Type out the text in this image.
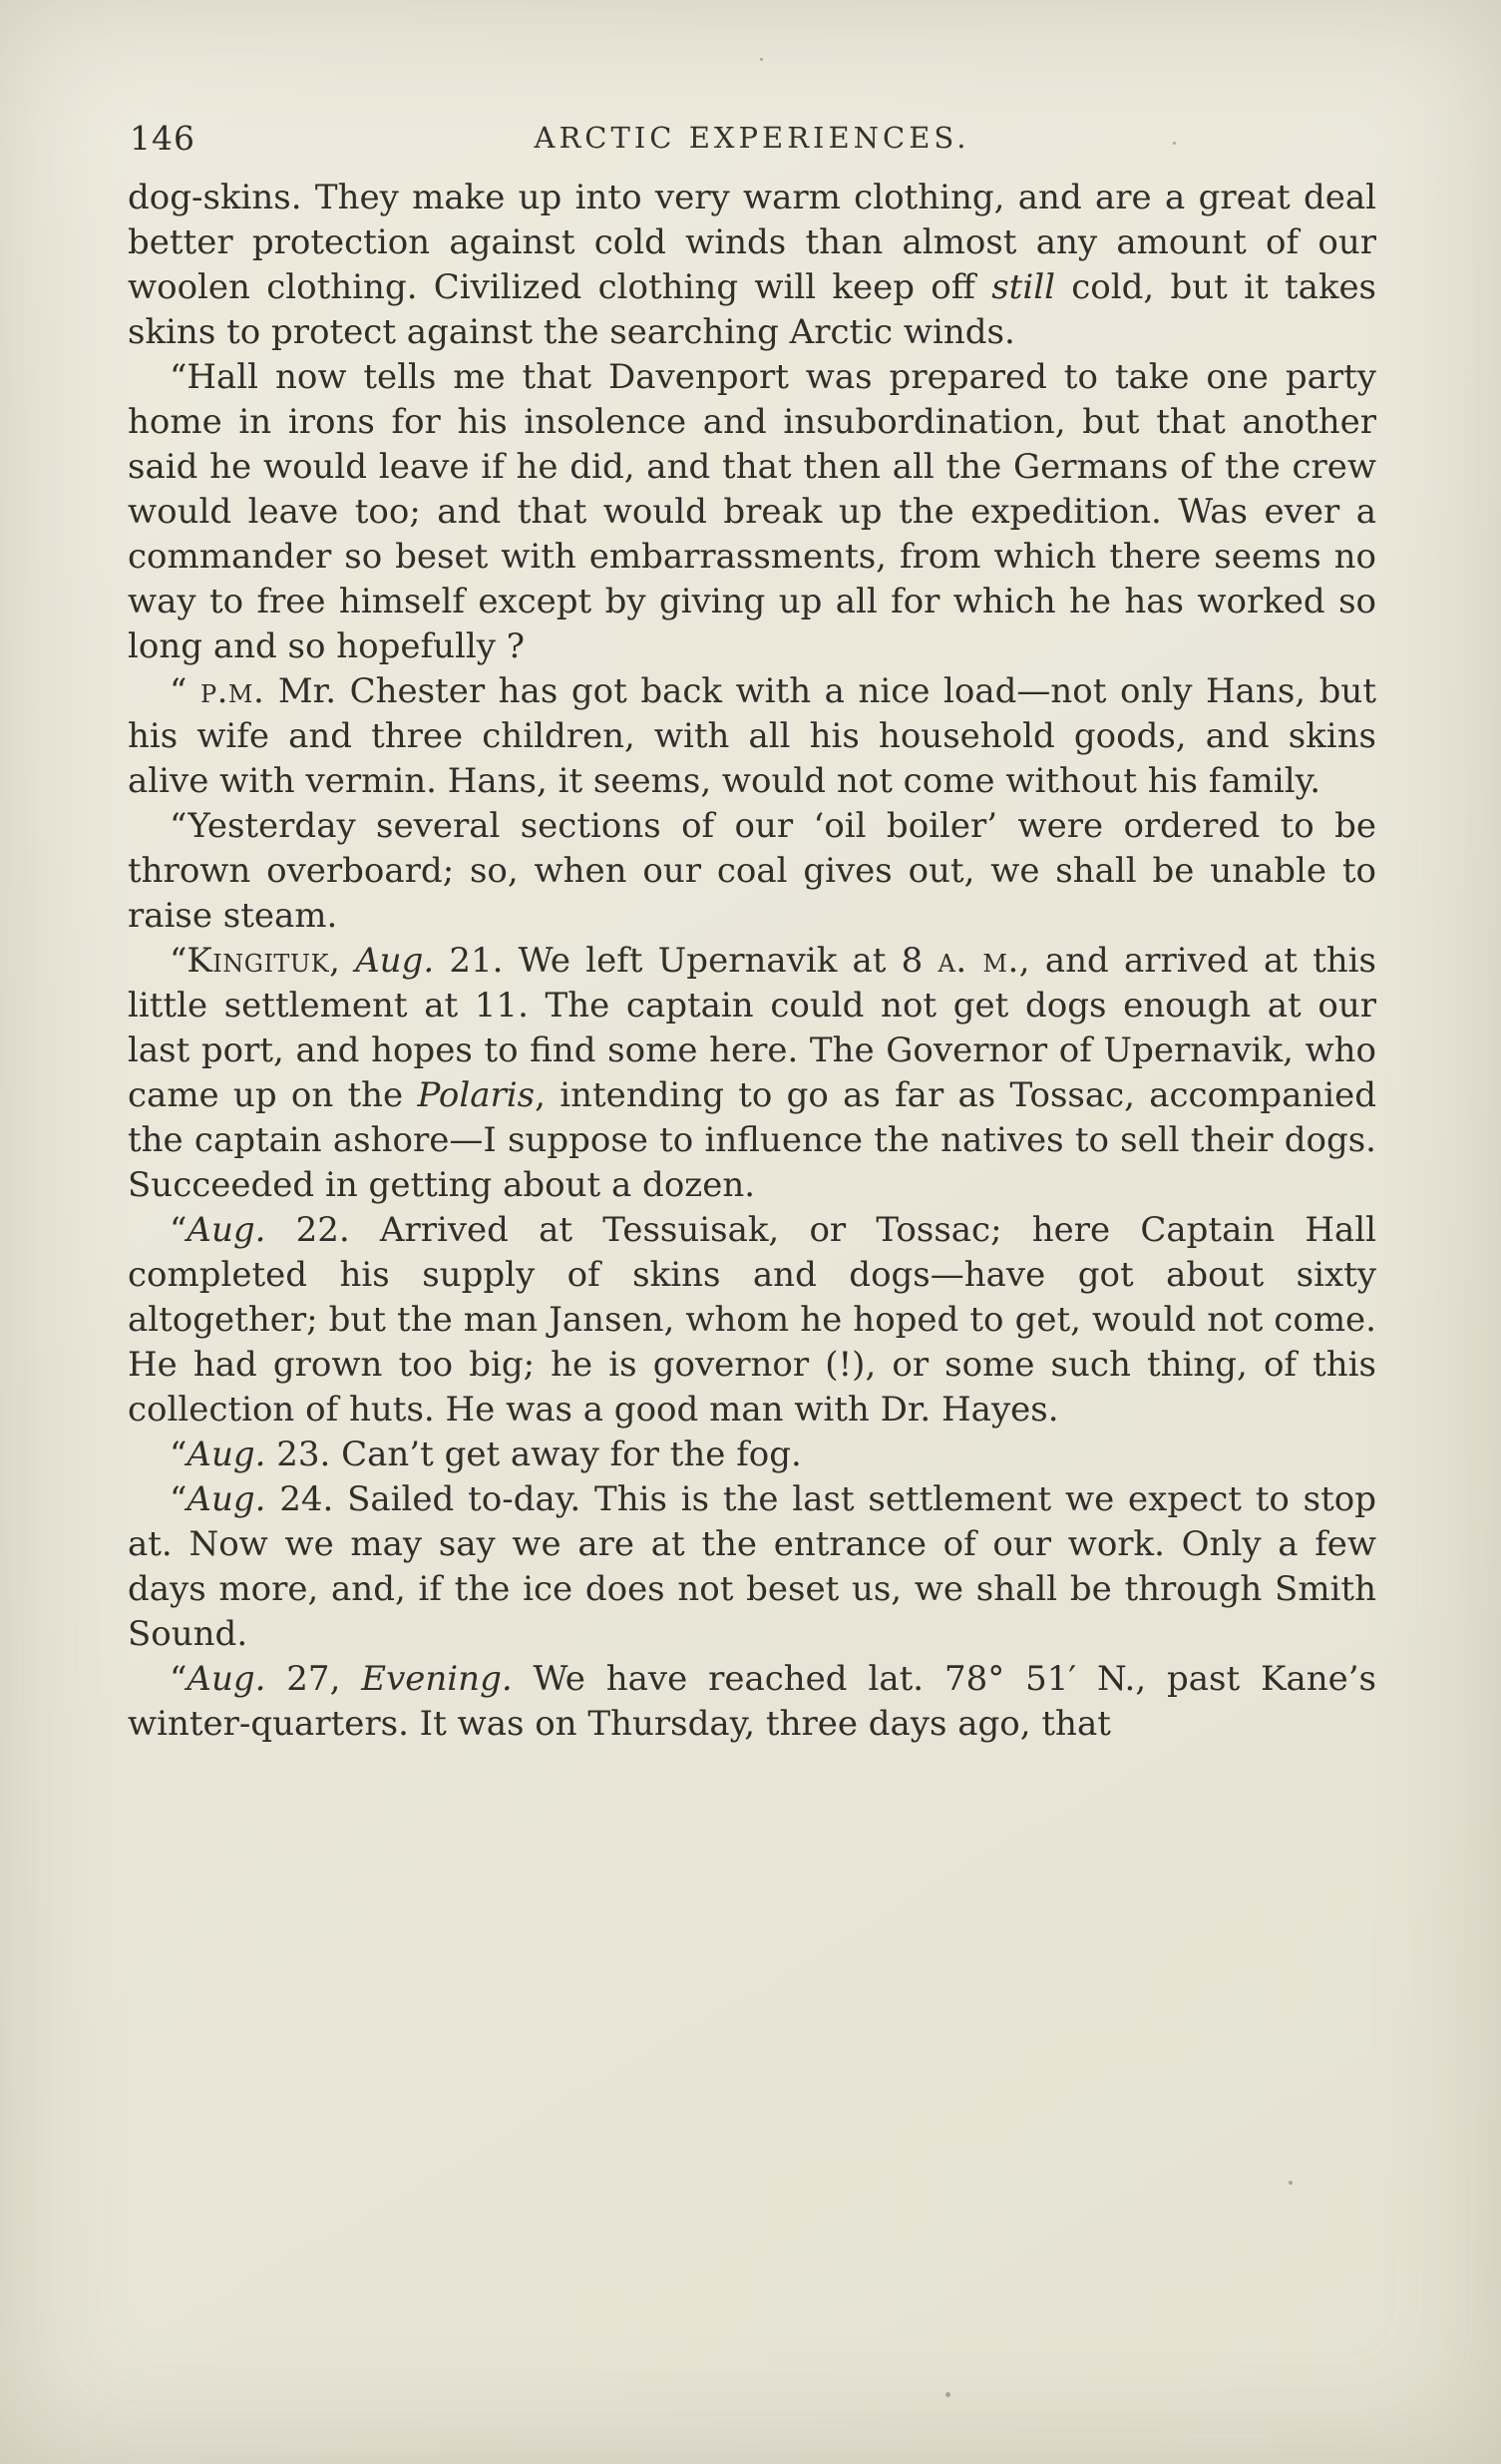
146	ARCTIC EXPERIENCES.

dog-skins. They make up into very warm clothing, and are a great deal better protection against cold winds than almost any amount of our woolen clothing. Civilized clothing will keep off still cold, but it takes skins to protect against the searching Arctic winds.

“Hall now tells me that Davenport was prepared to take one party home in irons for his insolence and insubordination, but that another said he would leave if he did, and that then all the Germans of the crew would leave too; and that would break up the expedition. Was ever a commander so beset with embarrassments, from which there seems no way to free himself except by giving up all for which he has worked so long and so hopefully ?

“ p.m. Mr. Chester has got back with a nice load—not only Hans, but his wife and three children, with all his household goods, and skins alive with vermin. Hans, it seems, would not come without his family.

“Yesterday several sections of our ‘oil boiler’ were ordered to be thrown overboard; so, when our coal gives out, we shall be unable to raise steam.

“Kingituk, Aug. 21. We left Upernavik at 8 a. m., and arrived at this little settlement at 11. The captain could not get dogs enough at our last port, and hopes to find some here. The Governor of Upernavik, who came up on the Polaris, intending to go as far as Tossac, accompanied the captain ashore—I suppose to influence the natives to sell their dogs. Succeeded in getting about a dozen.

“Aug. 22. Arrived at Tessuisak, or Tossac; here Captain Hall completed his supply of skins and dogs—have got about sixty altogether; but the man Jansen, whom he hoped to get, would not come. He had grown too big; he is governor (!), or some such thing, of this collection of huts. He was a good man with Dr. Hayes.

“Aug. 23. Can’t get away for the fog.

“Aug. 24. Sailed to-day. This is the last settlement we expect to stop at. Now we may say we are at the entrance of our work. Only a few days more, and, if the ice does not beset us, we shall be through Smith Sound.

“Aug. 27, Evening. We have reached lat. 78° 51′ N., past Kane’s winter-quarters. It was on Thursday, three days ago, that
